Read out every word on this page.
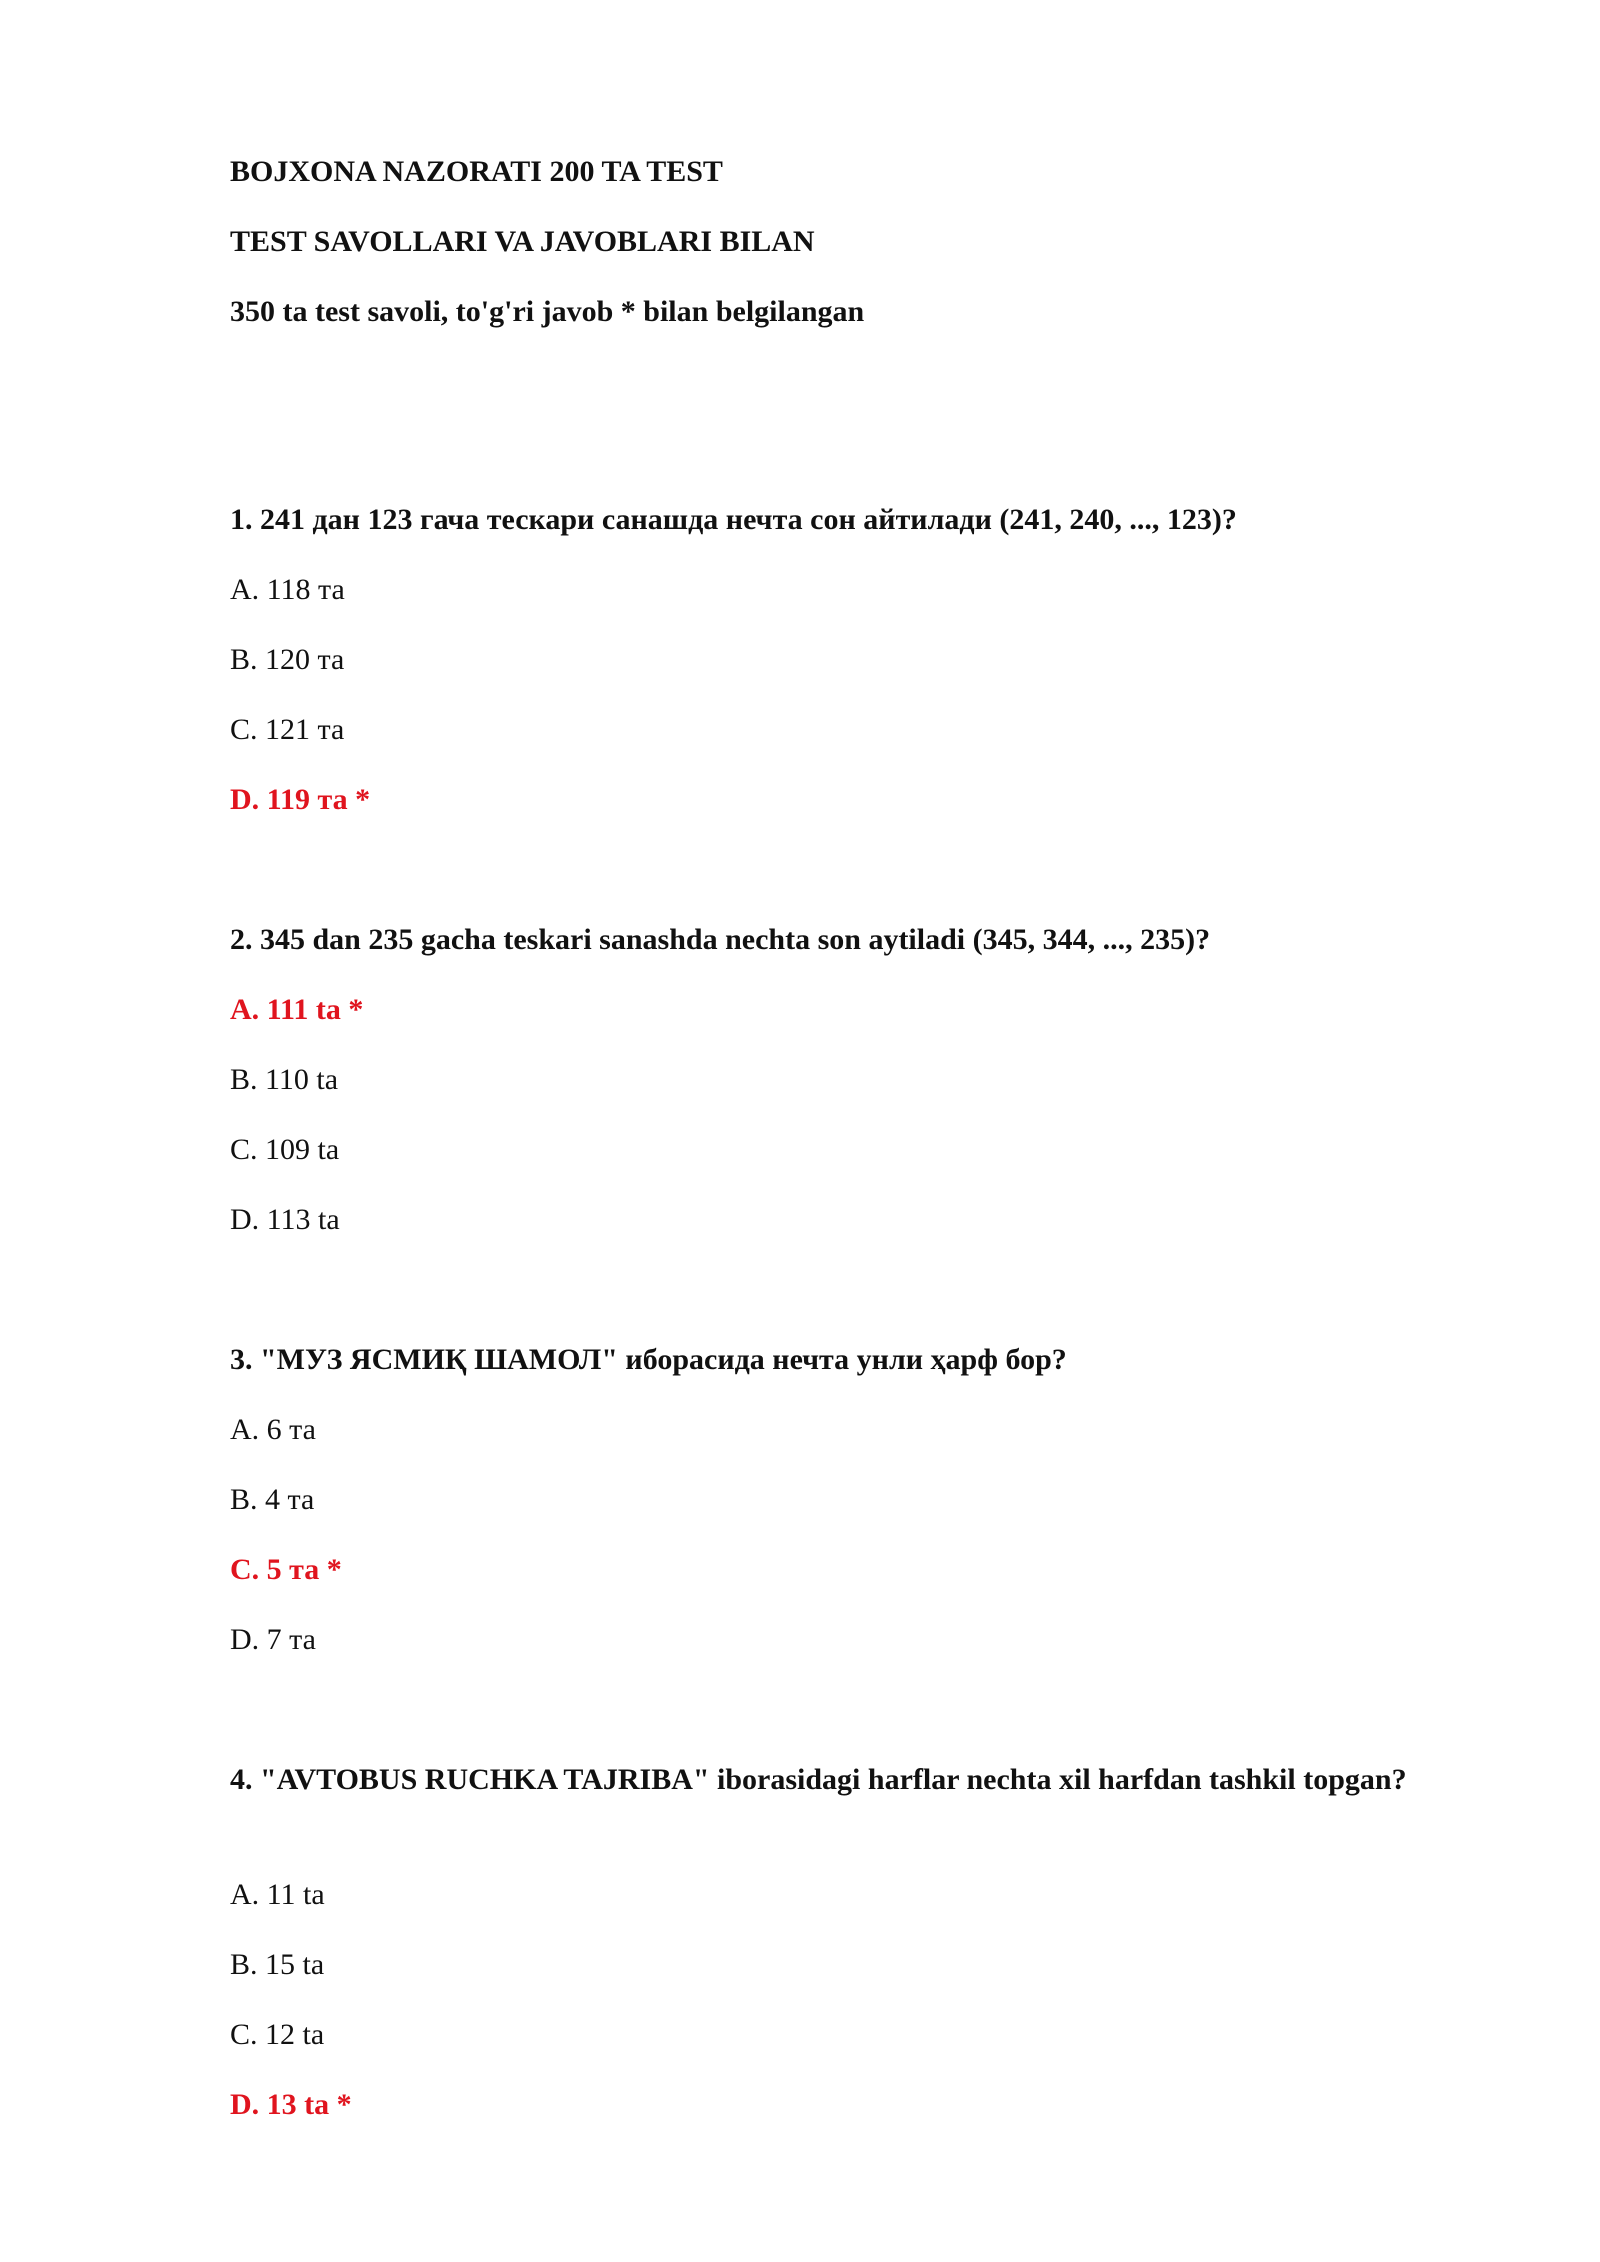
BOJXONA NAZORATI 200 TA TEST

TEST SAVOLLARI VA JAVOBLARI BILAN

350 ta test savoli, to'g'ri javob * bilan belgilangan

1. 241 дан 123 гача тескари санашда нечта сон айтилади (241, 240, ..., 123)?

A. 118 та

B. 120 та

C. 121 та

D. 119 та *

2. 345 dan 235 gacha teskari sanashda nechta son aytiladi (345, 344, ..., 235)?

A. 111 ta *

B. 110 ta

C. 109 ta

D. 113 ta

3. "МУЗ ЯСМИҚ ШАМОЛ" иборасида нечта унли ҳарф бор?

A. 6 та

B. 4 та

C. 5 та *

D. 7 та

4. "AVTOBUS RUCHKA TAJRIBA" iborasidagi harflar nechta xil harfdan tashkil topgan?

A. 11 ta

B. 15 ta

C. 12 ta

D. 13 ta *
